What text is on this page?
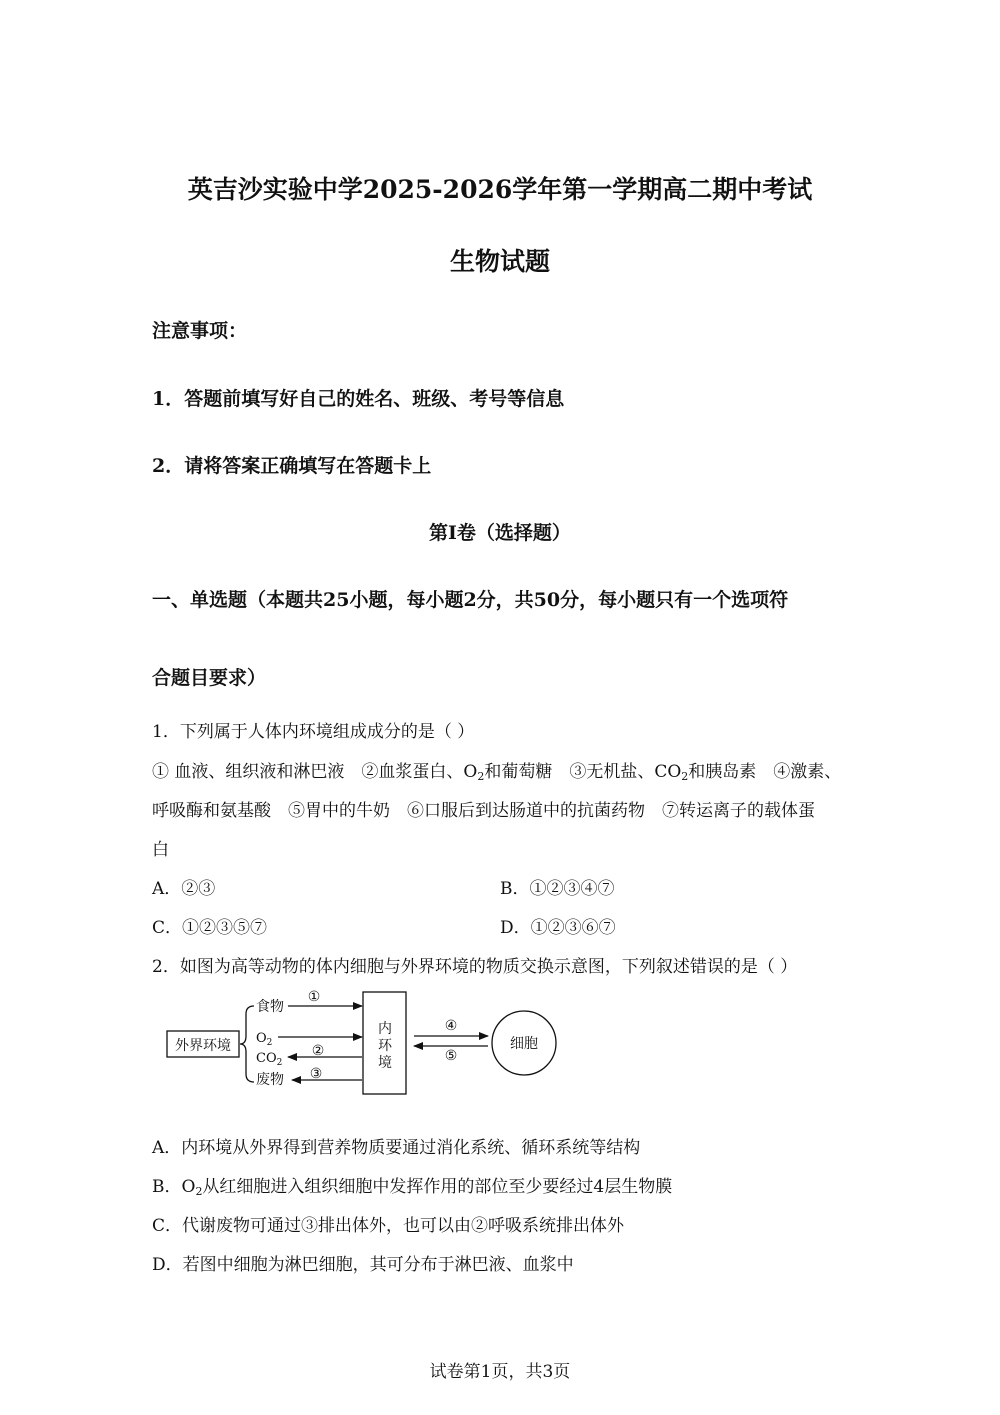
英吉沙实验中学2025-2026学年第一学期高二期中考试
生物试题
注意事项：
1．答题前填写好自己的姓名、班级、考号等信息
2．请将答案正确填写在答题卡上
第Ⅰ卷（选择题）
一、单选题（本题共25小题，每小题2分，共50分，每小题只有一个选项符
合题目要求）
1．下列属于人体内环境组成成分的是（ ）
① 血液、组织液和淋巴液　②血浆蛋白、$O_2$和葡萄糖　③无机盐、$CO_2$和胰岛素　④激素、
呼吸酶和氨基酸　⑤胃中的牛奶　⑥口服后到达肠道中的抗菌药物　⑦转运离子的载体蛋
白
A．②③	B．①②③④⑦
C．①②③⑤⑦	D．①②③⑥⑦
2．如图为高等动物的体内细胞与外界环境的物质交换示意图，下列叙述错误的是（ ）
外界环境
食物
$O_2$
$CO_2$
废物
①
②
③
内
环
境
④
⑤
细胞
A．内环境从外界得到营养物质要通过消化系统、循环系统等结构
B．$O_2$从红细胞进入组织细胞中发挥作用的部位至少要经过4层生物膜
C．代谢废物可通过③排出体外，也可以由②呼吸系统排出体外
D．若图中细胞为淋巴细胞，其可分布于淋巴液、血浆中
试卷第1页，共3页
